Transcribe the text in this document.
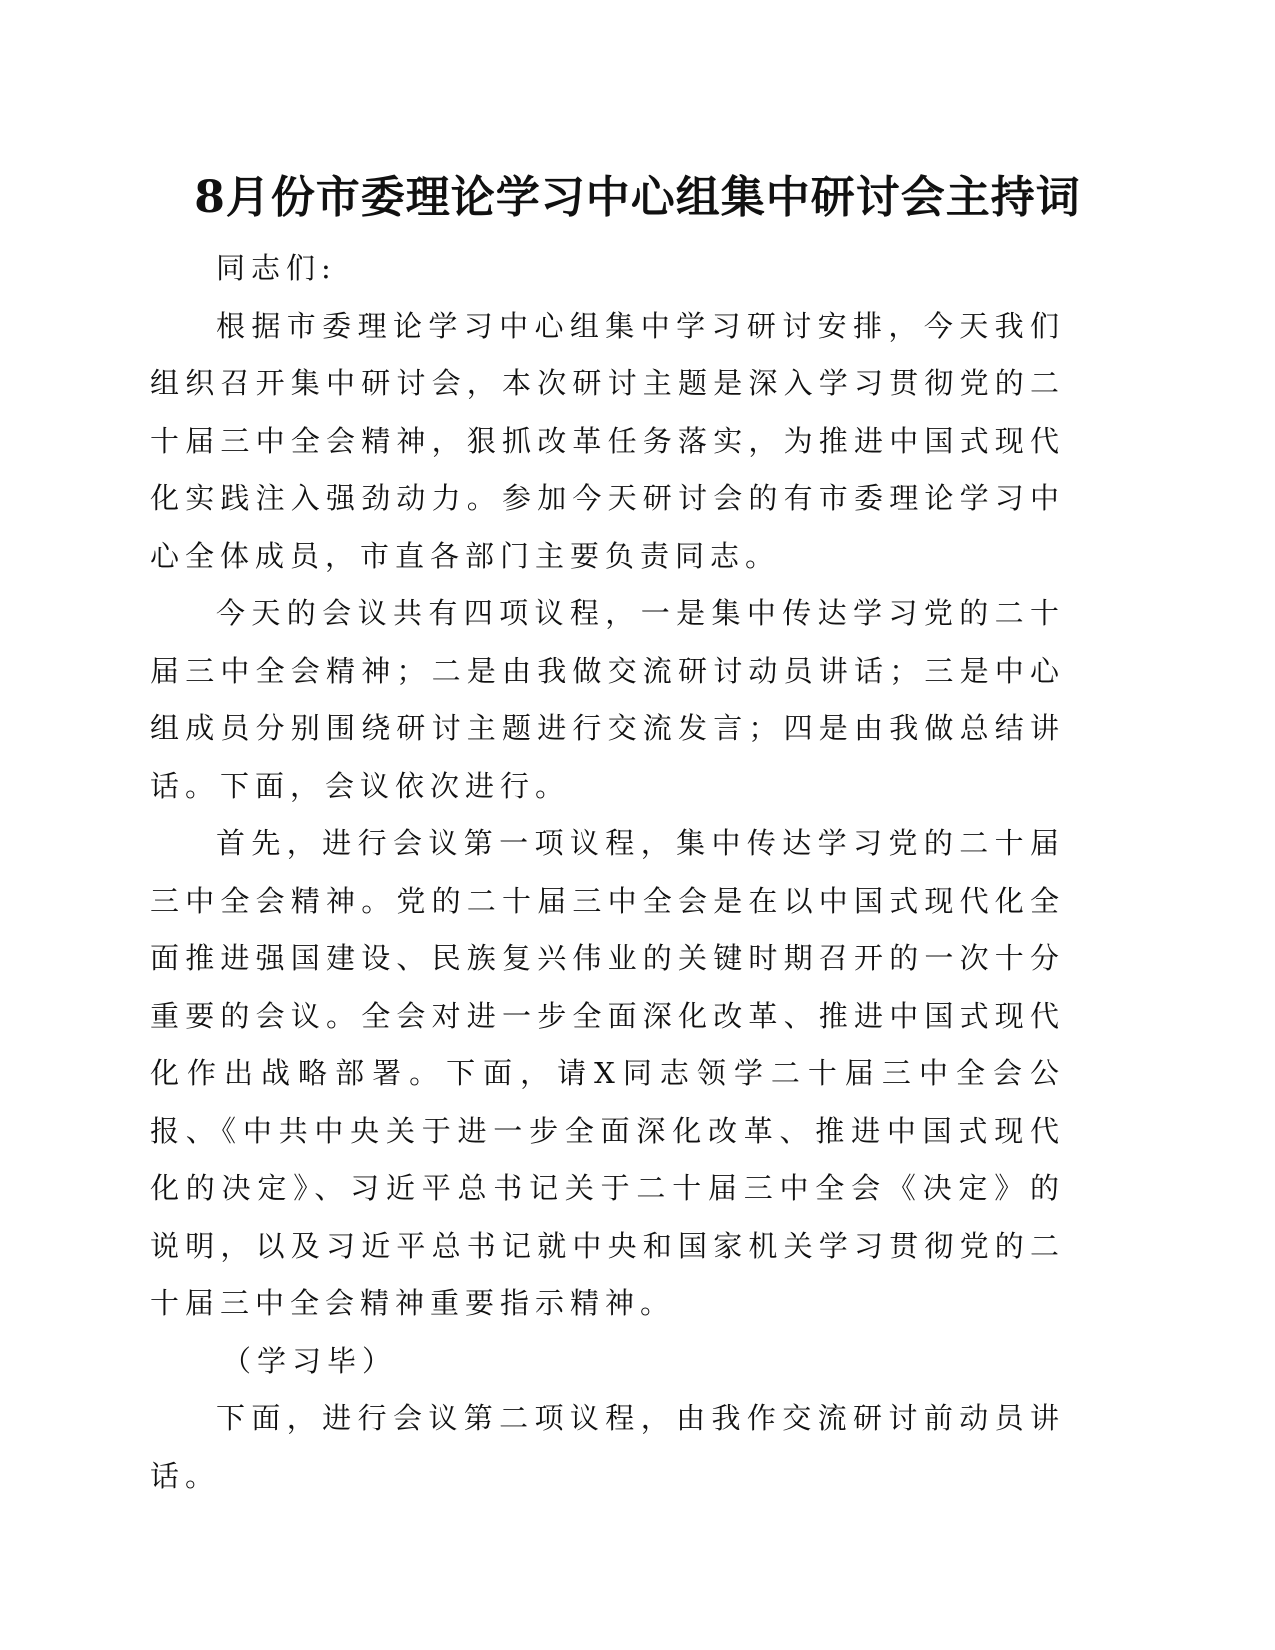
8月份市委理论学习中心组集中研讨会主持词

同志们:

根据市委理论学习中心组集中学习研讨安排，今天我们组织召开集中研讨会，本次研讨主题是深入学习贯彻党的二十届三中全会精神，狠抓改革任务落实，为推进中国式现代化实践注入强劲动力。参加今天研讨会的有市委理论学习中心全体成员，市直各部门主要负责同志。

今天的会议共有四项议程，一是集中传达学习党的二十届三中全会精神；二是由我做交流研讨动员讲话；三是中心组成员分别围绕研讨主题进行交流发言；四是由我做总结讲话。下面，会议依次进行。

首先，进行会议第一项议程，集中传达学习党的二十届三中全会精神。党的二十届三中全会是在以中国式现代化全面推进强国建设、民族复兴伟业的关键时期召开的一次十分重要的会议。全会对进一步全面深化改革、推进中国式现代化作出战略部署。下面，请X同志领学二十届三中全会公报、《中共中央关于进一步全面深化改革、推进中国式现代化的决定》、习近平总书记关于二十届三中全会《决定》的说明，以及习近平总书记就中央和国家机关学习贯彻党的二十届三中全会精神重要指示精神。

（学习毕）

下面，进行会议第二项议程，由我作交流研讨前动员讲话。
